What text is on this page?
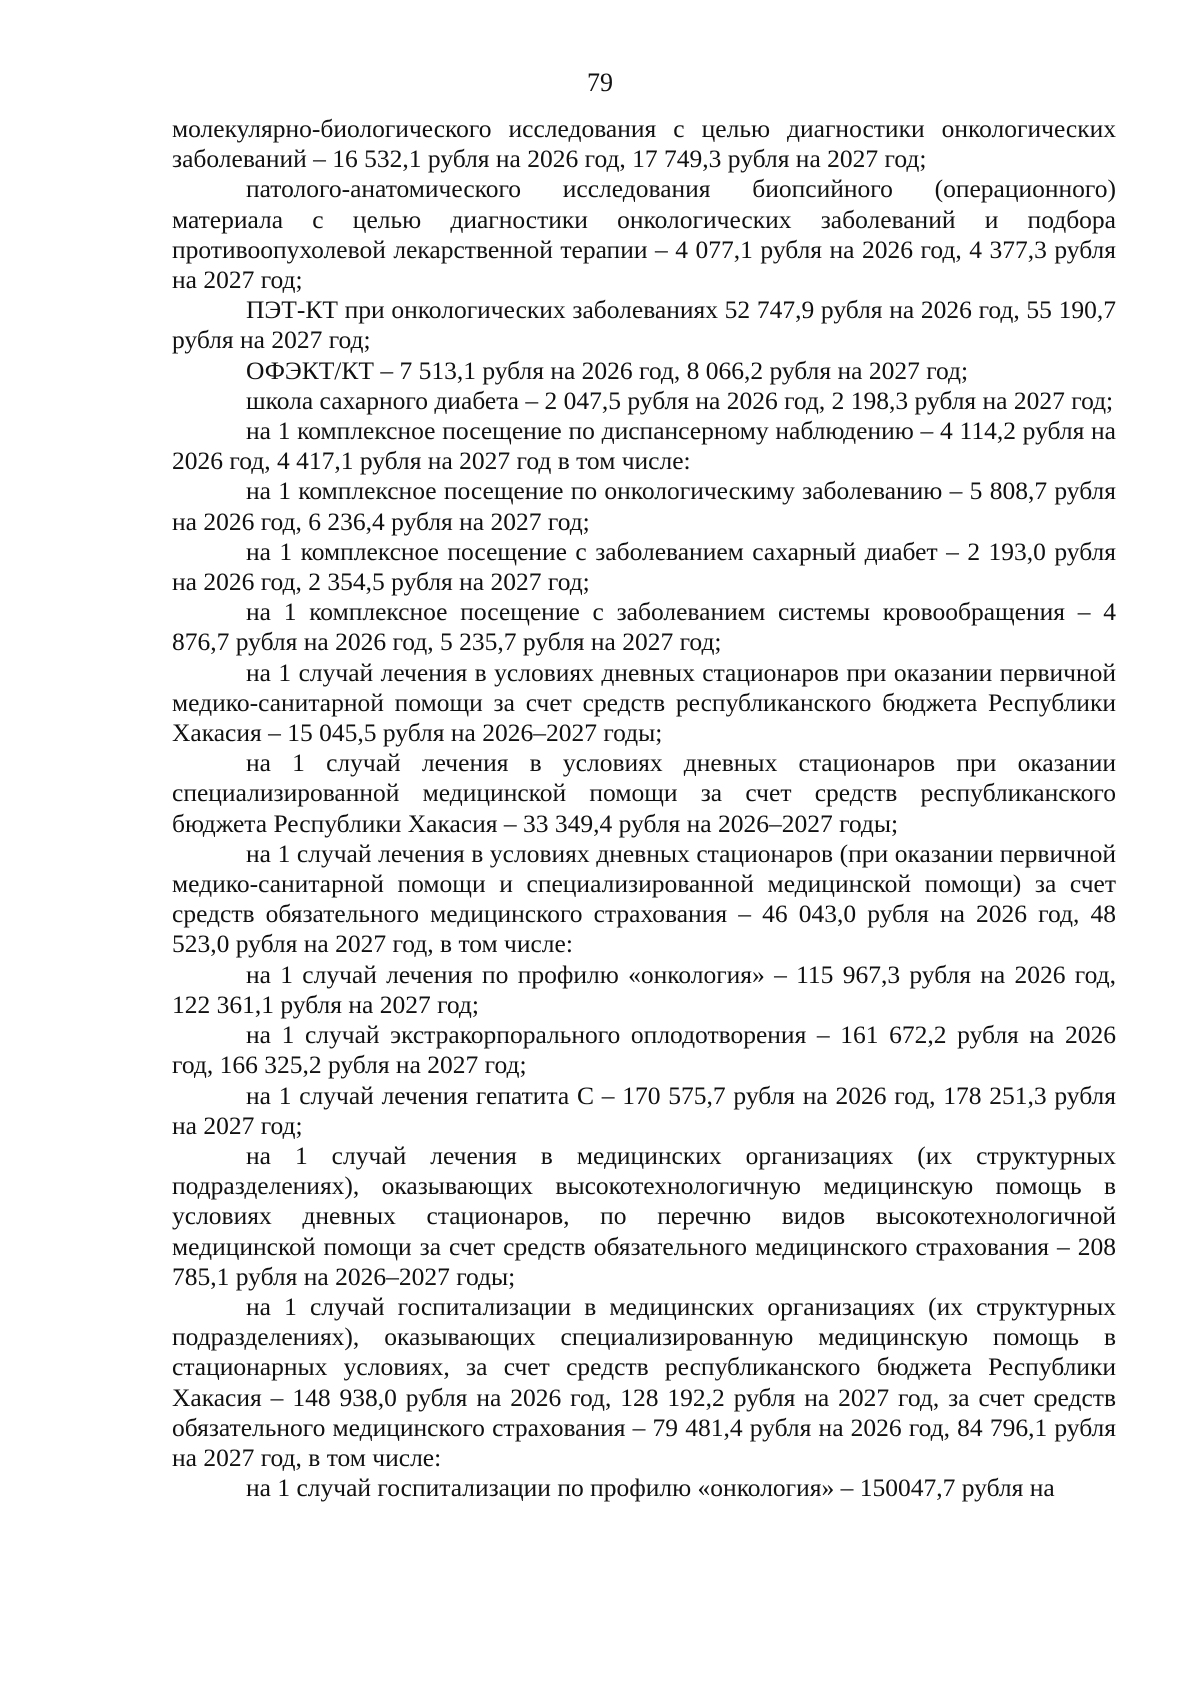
79

молекулярно-биологического исследования с целью диагностики онкологических заболеваний – 16 532,1 рубля на 2026 год, 17 749,3 рубля на 2027 год;

патолого-анатомического исследования биопсийного (операционного) материала с целью диагностики онкологических заболеваний и подбора противоопухолевой лекарственной терапии – 4 077,1 рубля на 2026 год, 4 377,3 рубля на 2027 год;

ПЭТ-КТ при онкологических заболеваниях 52 747,9 рубля на 2026 год, 55 190,7 рубля на 2027 год;

ОФЭКТ/КТ – 7 513,1 рубля на 2026 год, 8 066,2 рубля на 2027 год;

школа сахарного диабета – 2 047,5 рубля на 2026 год, 2 198,3 рубля на 2027 год;

на 1 комплексное посещение по диспансерному наблюдению – 4 114,2 рубля на 2026 год, 4 417,1 рубля на 2027 год в том числе:

на 1 комплексное посещение по онкологическиму заболеванию – 5 808,7 рубля на 2026 год, 6 236,4 рубля на 2027 год;

на 1 комплексное посещение с заболеванием сахарный диабет – 2 193,0 рубля на 2026 год, 2 354,5 рубля на 2027 год;

на 1 комплексное посещение с заболеванием системы кровообращения – 4 876,7 рубля на 2026 год, 5 235,7 рубля на 2027 год;

на 1 случай лечения в условиях дневных стационаров при оказании первичной медико-санитарной помощи за счет средств республиканского бюджета Республики Хакасия – 15 045,5 рубля на 2026–2027 годы;

на 1 случай лечения в условиях дневных стационаров при оказании специализированной медицинской помощи за счет средств республиканского бюджета Республики Хакасия – 33 349,4 рубля на 2026–2027 годы;

на 1 случай лечения в условиях дневных стационаров (при оказании первичной медико-санитарной помощи и специализированной медицинской помощи) за счет средств обязательного медицинского страхования – 46 043,0 рубля на 2026 год, 48 523,0 рубля на 2027 год, в том числе:

на 1 случай лечения по профилю «онкология» – 115 967,3 рубля на 2026 год, 122 361,1 рубля на 2027 год;

на 1 случай экстракорпорального оплодотворения – 161 672,2 рубля на 2026 год, 166 325,2 рубля на 2027 год;

на 1 случай лечения гепатита С – 170 575,7 рубля на 2026 год, 178 251,3 рубля на 2027 год;

на 1 случай лечения в медицинских организациях (их структурных подразделениях), оказывающих высокотехнологичную медицинскую помощь в условиях дневных стационаров, по перечню видов высокотехнологичной медицинской помощи за счет средств обязательного медицинского страхования – 208 785,1 рубля на 2026–2027 годы;

на 1 случай госпитализации в медицинских организациях (их структурных подразделениях), оказывающих специализированную медицинскую помощь в стационарных условиях, за счет средств республиканского бюджета Республики Хакасия – 148 938,0 рубля на 2026 год, 128 192,2 рубля на 2027 год, за счет средств обязательного медицинского страхования – 79 481,4 рубля на 2026 год, 84 796,1 рубля на 2027 год, в том числе:

на 1 случай госпитализации по профилю «онкология» – 150047,7 рубля на
